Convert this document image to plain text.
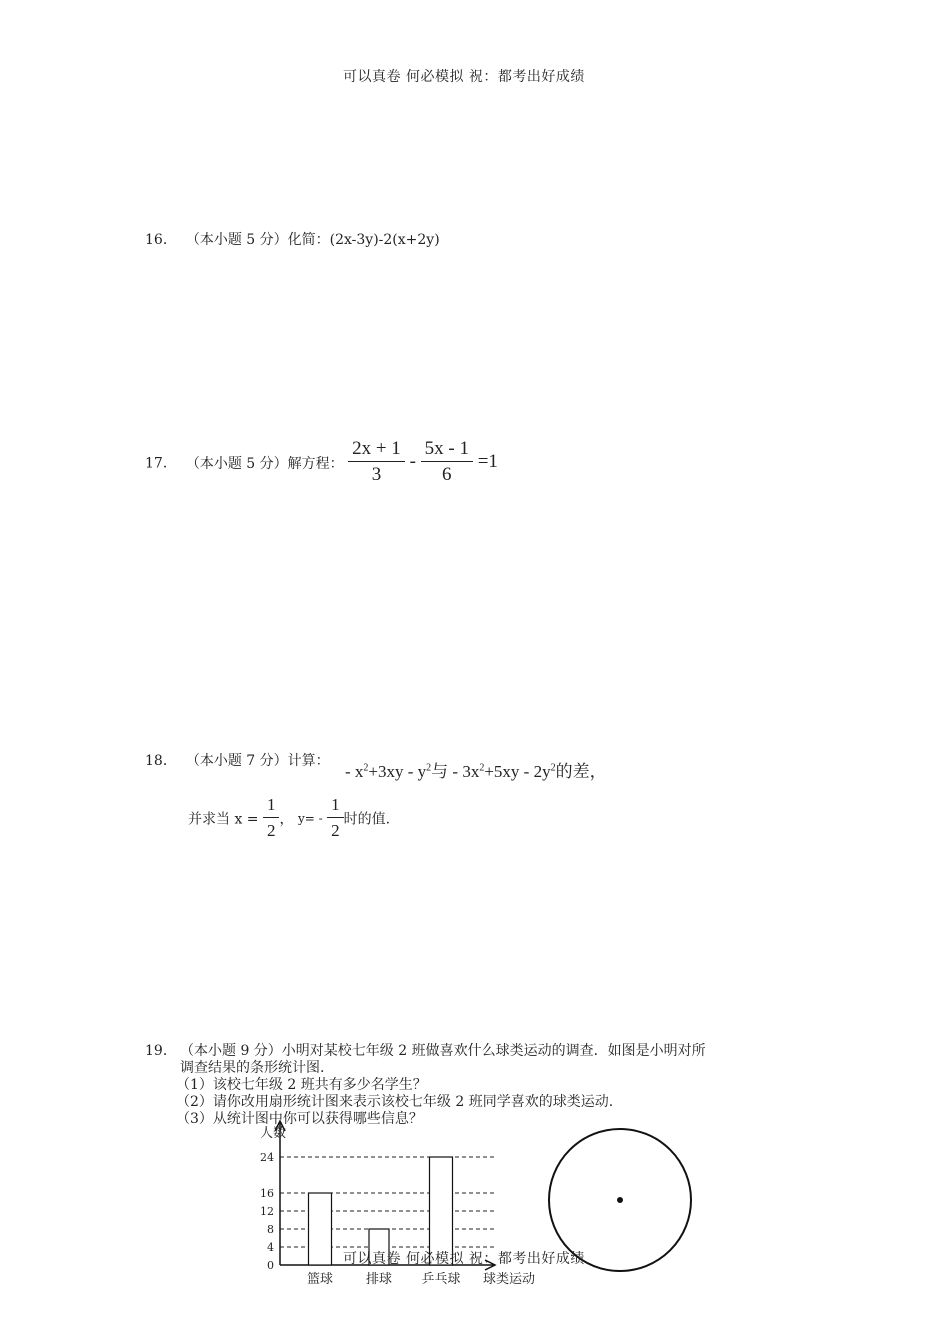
可以真卷 何必模拟 祝：都考出好成绩
16． （本小题 5 分）化简：(2x-3y)-2(x+2y)
17． （本小题 5 分）解方程： $\frac{2x + 1}{3} - \frac{5x - 1}{6} =1$
18． （本小题 7 分）计算：
- $x^2+3xy - y^2$与 - $3x^2+5xy - 2y^2$的差，
并求当 $x = \frac{1}{2}$ ， $y= - \frac{1}{2}$ 时的值.
19． （本小题 9 分）小明对某校七年级 2 班做喜欢什么球类运动的调查．如图是小明对所
调查结果的条形统计图.
（1）该校七年级 2 班共有多少名学生？
（2）请你改用扇形统计图来表示该校七年级 2 班同学喜欢的球类运动.
（3）从统计图中你可以获得哪些信息？
0
4
8
12
16
24
人数
篮球	排球 乒乓球 球类运动
可以真卷 何必模拟 祝：都考出好成绩
